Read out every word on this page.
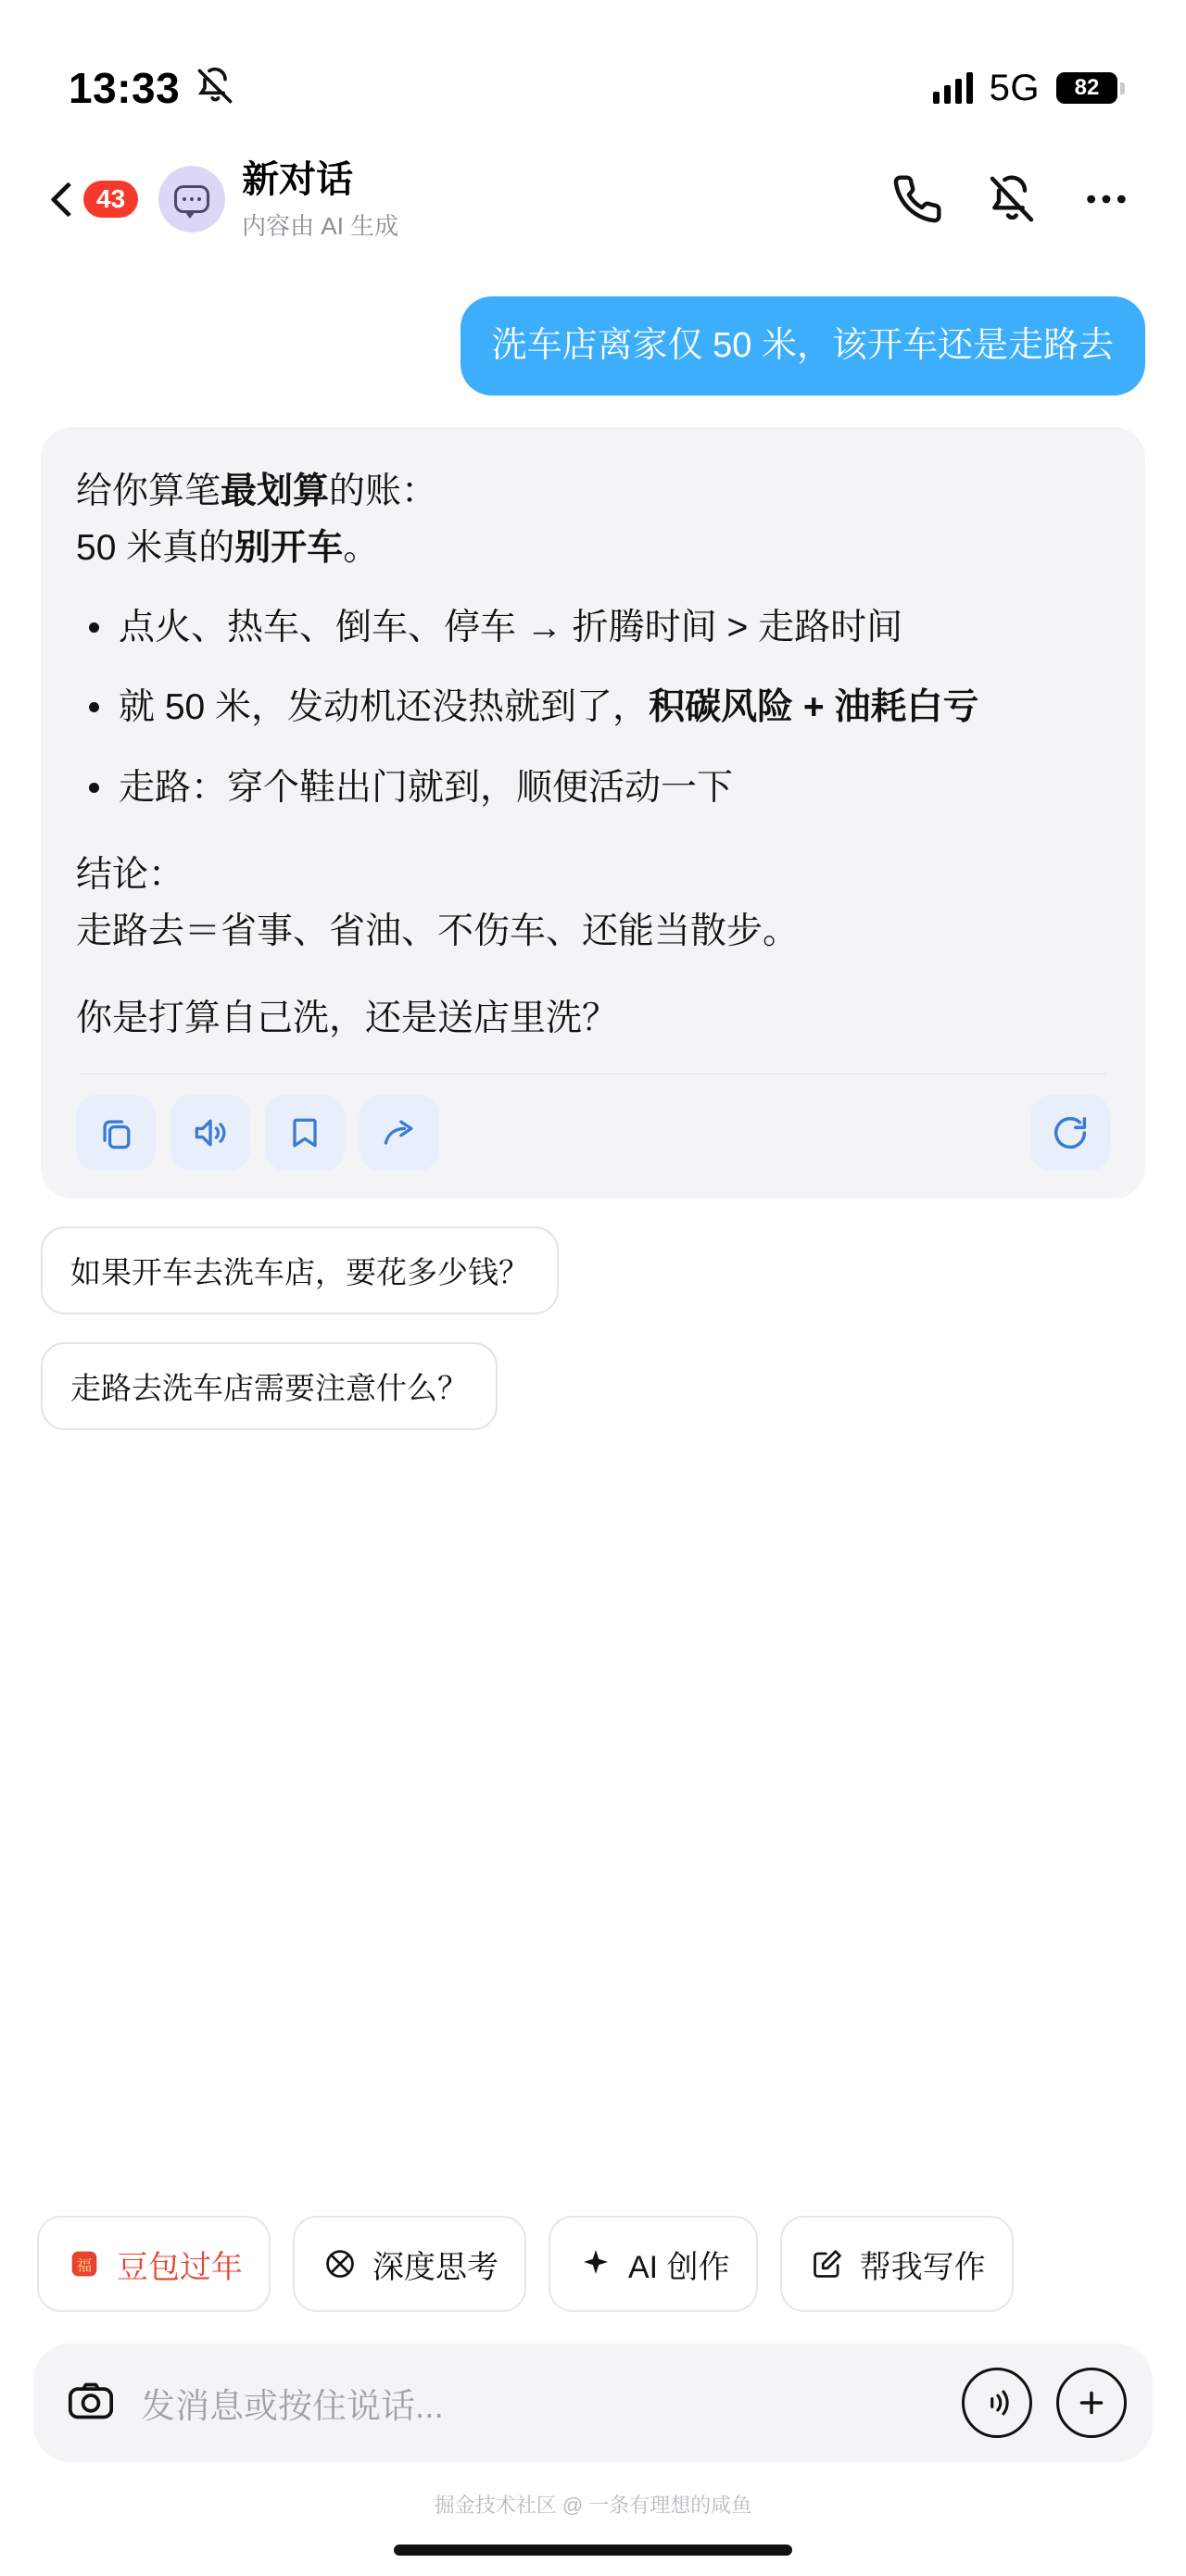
13:33	5G 82
43	新对话
内容由 AI 生成
洗车店离家仅 50 米，该开车还是走路去

给你算笔最划算的账：

50 米真的别开车。

点火、热车、倒车、停车 → 折腾时间 > 走路时间
就 50 米，发动机还没热就到了，积碳风险 + 油耗白亏
走路：穿个鞋出门就到，顺便活动一下

结论：

走路去＝省事、省油、不伤车、还能当散步。

你是打算自己洗，还是送店里洗？

如果开车去洗车店，要花多少钱？
走路去洗车店需要注意什么？
福 豆包过年	深度思考	AI 创作	帮我写作
发消息或按住说话...
掘金技术社区 @ 一条有理想的咸鱼
